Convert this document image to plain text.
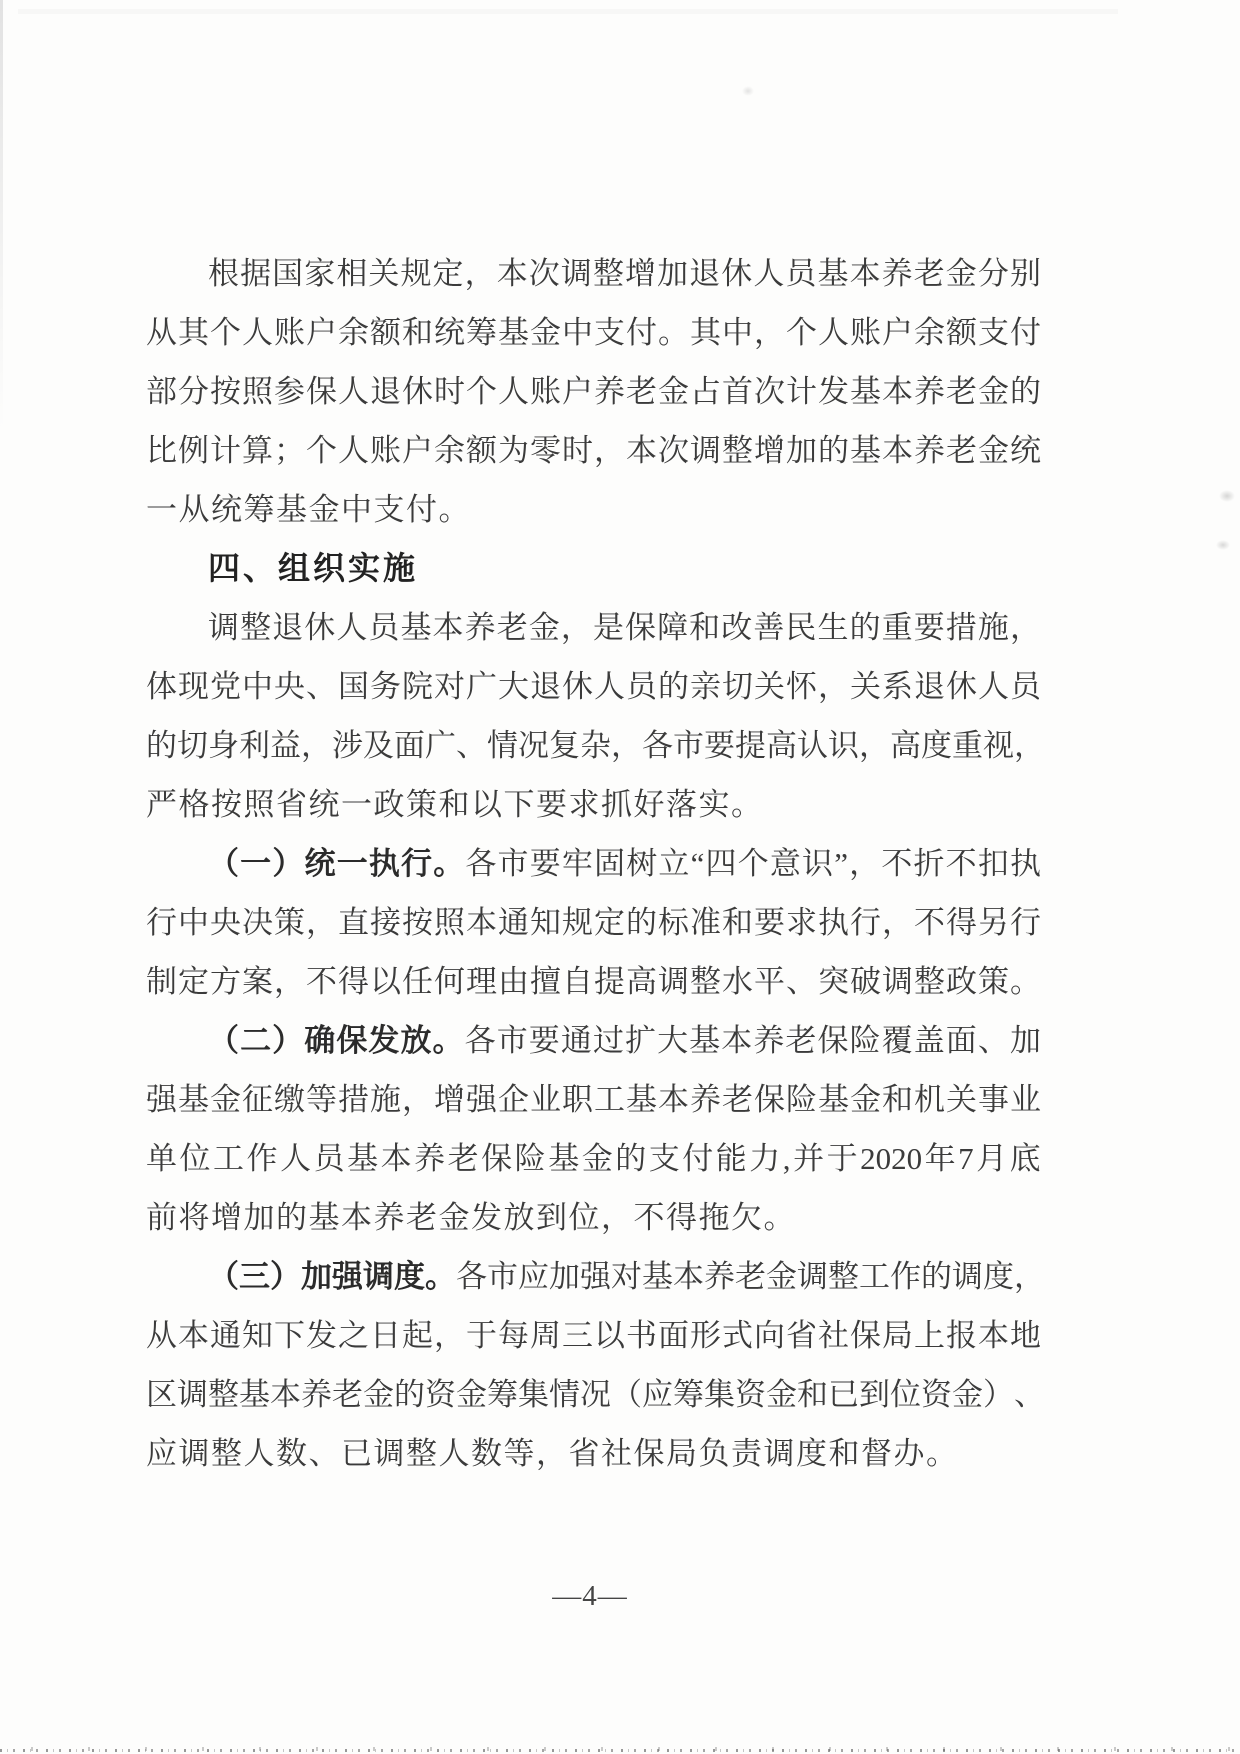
根 据 国 家 相 关 规 定 ， 本 次 调 整 增 加 退 休 人 员 基 本 养 老 金 分 别
从 其 个 人 账 户 余 额 和 统 筹 基 金 中 支 付 。 其 中 ， 个 人 账 户 余 额 支 付
部 分 按 照 参 保 人 退 休 时 个 人 账 户 养 老 金 占 首 次 计 发 基 本 养 老 金 的
比 例 计 算 ； 个 人 账 户 余 额 为 零 时 ， 本 次 调 整 增 加 的 基 本 养 老 金 统
一从统筹基金中支付。
四、组织实施
调 整 退 休 人 员 基 本 养 老 金 ， 是 保 障 和 改 善 民 生 的 重 要 措 施 ，
体 现 党 中 央 、 国 务 院 对 广 大 退 休 人 员 的 亲 切 关 怀 ， 关 系 退 休 人 员
的 切 身 利 益 ， 涉 及 面 广 、 情 况 复 杂 ， 各 市 要 提 高 认 识 ， 高 度 重 视 ，
严格按照省统一政策和以下要求抓好落实。
（ 一 ） 统 一 执 行 。 各 市 要 牢 固 树 立 “ 四 个 意 识 ” ， 不 折 不 扣 执
行 中 央 决 策 ， 直 接 按 照 本 通 知 规 定 的 标 准 和 要 求 执 行 ， 不 得 另 行
制 定 方 案 ， 不 得 以 任 何 理 由 擅 自 提 高 调 整 水 平 、 突 破 调 整 政 策 。
（ 二 ） 确 保 发 放 。 各 市 要 通 过 扩 大 基 本 养 老 保 险 覆 盖 面 、 加
强 基 金 征 缴 等 措 施 ， 增 强 企 业 职 工 基 本 养 老 保 险 基 金 和 机 关 事 业
单 位 工 作 人 员 基 本 养 老 保 险 基 金 的 支 付 能 力 , 并 于 2020 年 7 月 底
前将增加的基本养老金发放到位，不得拖欠。
（ 三 ） 加 强 调 度 。 各 市 应 加 强 对 基 本 养 老 金 调 整 工 作 的 调 度 ，
从 本 通 知 下 发 之 日 起 ， 于 每 周 三 以 书 面 形 式 向 省 社 保 局 上 报 本 地
区 调 整 基 本 养 老 金 的 资 金 筹 集 情 况 （ 应 筹 集 资 金 和 已 到 位 资 金 ） 、
应调整人数、已调整人数等，省社保局负责调度和督办。
—4—
